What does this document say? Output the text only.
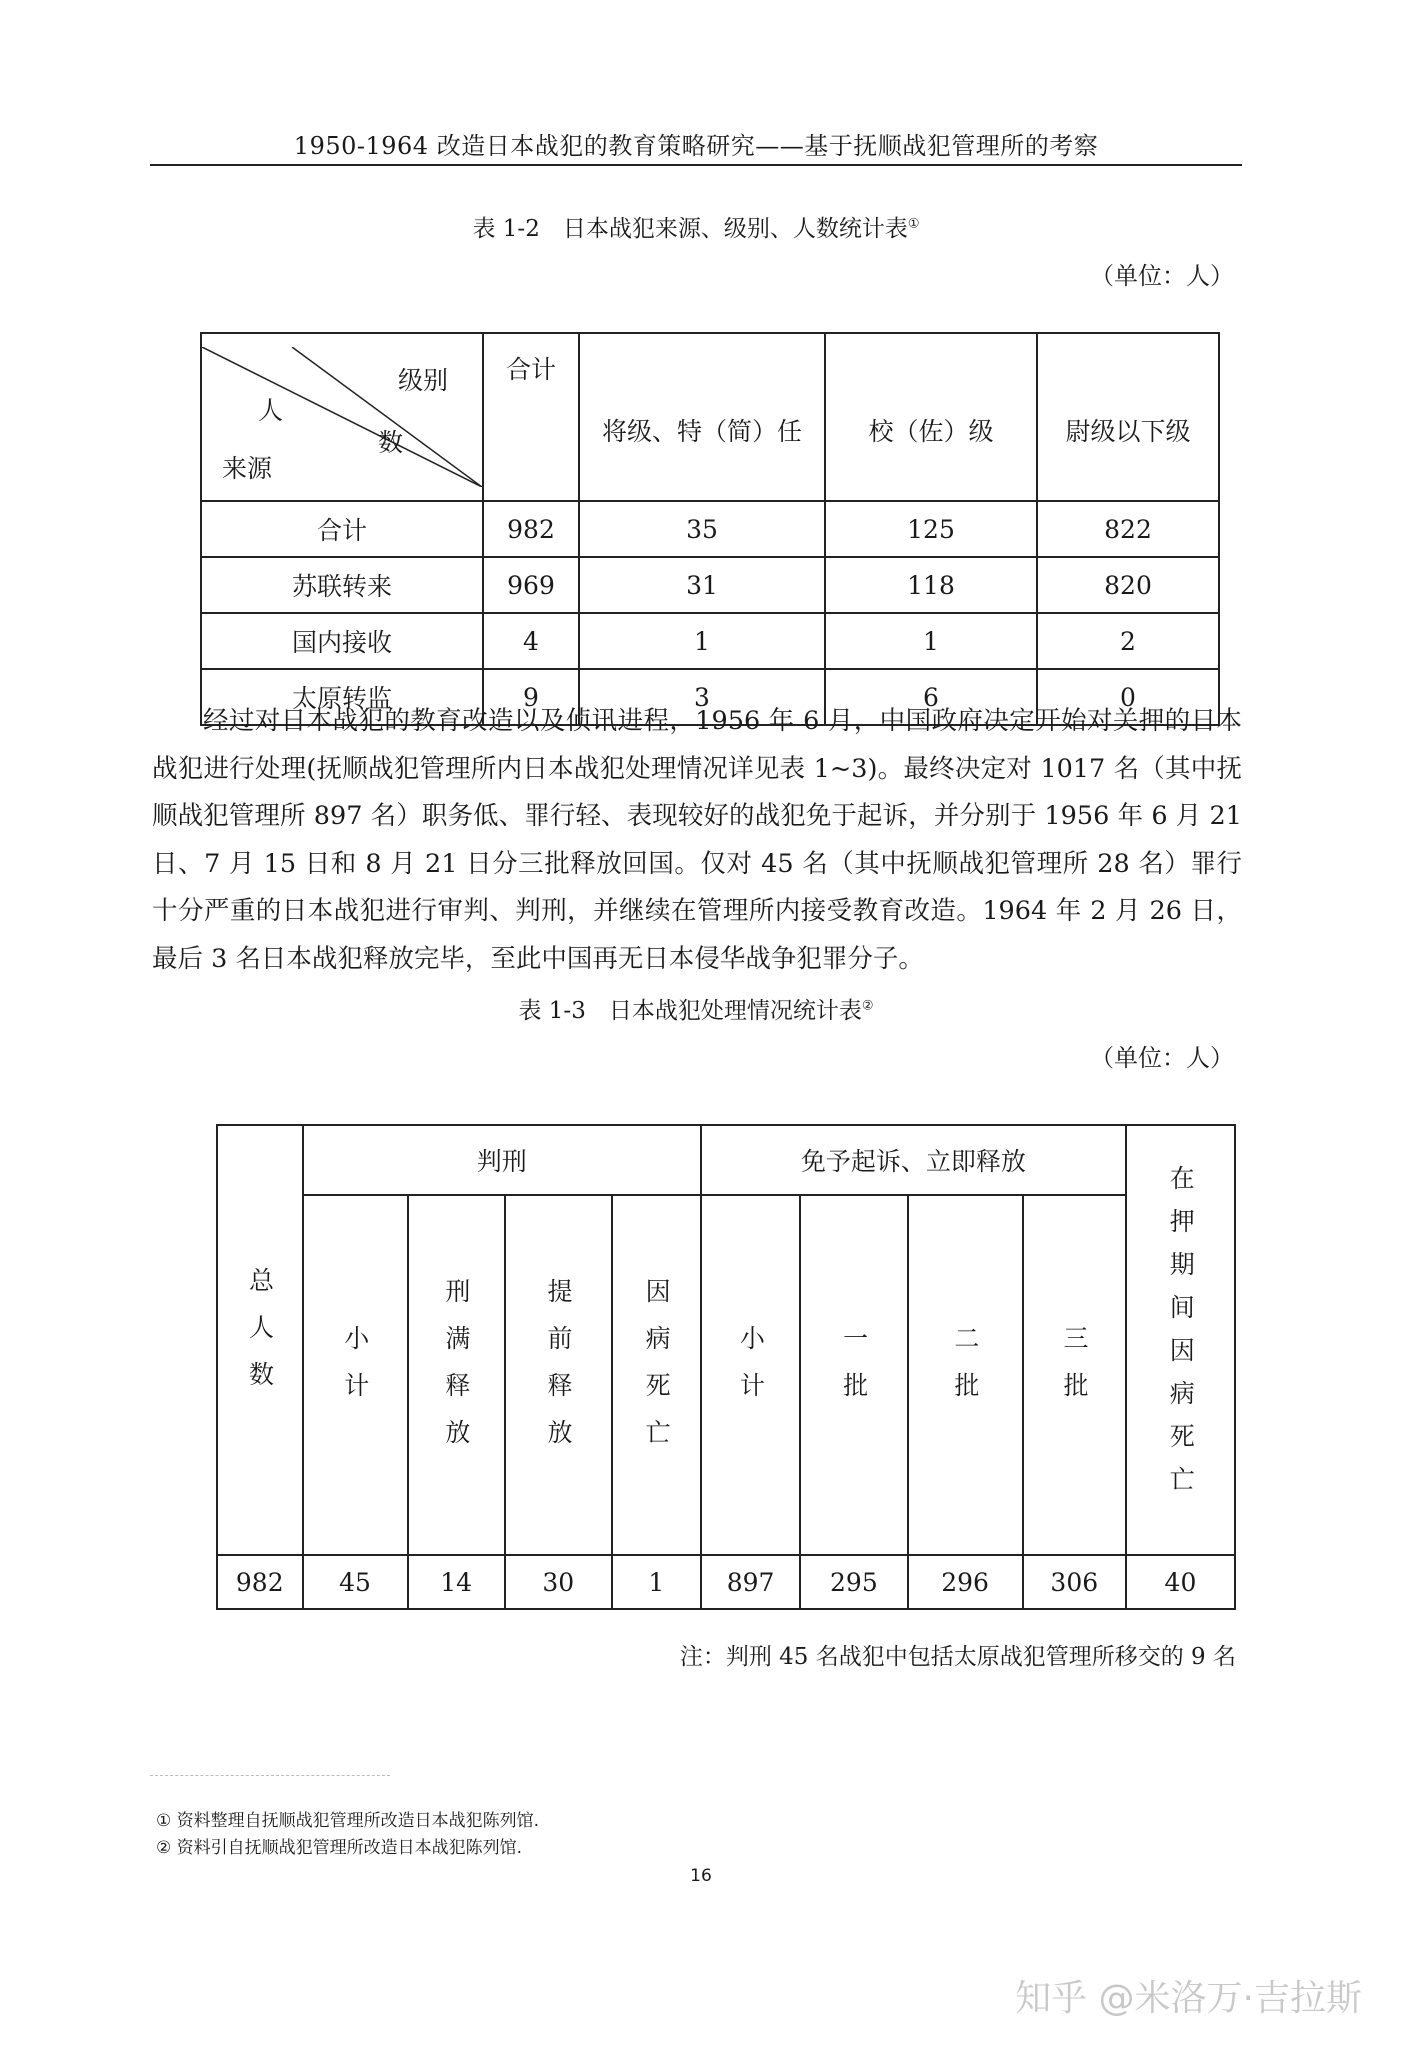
1950-1964 改造日本战犯的教育策略研究——基于抚顺战犯管理所的考察
表 1-2　日本战犯来源、级别、人数统计表①
（单位：人）
级别
人
数
来源	合计	将级、特（简）任	校（佐）级	尉级以下级
合计	982	35	125	822
苏联转来	969	31	118	820
国内接收	4	1	1	2
太原转监	9	3	6	0

经过对日本战犯的教育改造以及侦讯进程，1956 年 6 月，中国政府决定开始对关押的日本战犯进行处理(抚顺战犯管理所内日本战犯处理情况详见表 1~3)。最终决定对 1017 名（其中抚顺战犯管理所 897 名）职务低、罪行轻、表现较好的战犯免于起诉，并分别于 1956 年 6 月 21 日、7 月 15 日和 8 月 21 日分三批释放回国。仅对 45 名（其中抚顺战犯管理所 28 名）罪行十分严重的日本战犯进行审判、判刑，并继续在管理所内接受教育改造。1964 年 2 月 26 日，最后 3 名日本战犯释放完毕，至此中国再无日本侵华战争犯罪分子。

表 1-3　日本战犯处理情况统计表②
（单位：人）
总人数	判刑				免予起诉、立即释放				在押期间因病死亡
	小计	刑满释放	提前释放	因病死亡	小计	一批	二批	三批	
982	45	14	30	1	897	295	296	306	40
注：判刑 45 名战犯中包括太原战犯管理所移交的 9 名
① 资料整理自抚顺战犯管理所改造日本战犯陈列馆.
② 资料引自抚顺战犯管理所改造日本战犯陈列馆.
16
知乎 @米洛万·吉拉斯
